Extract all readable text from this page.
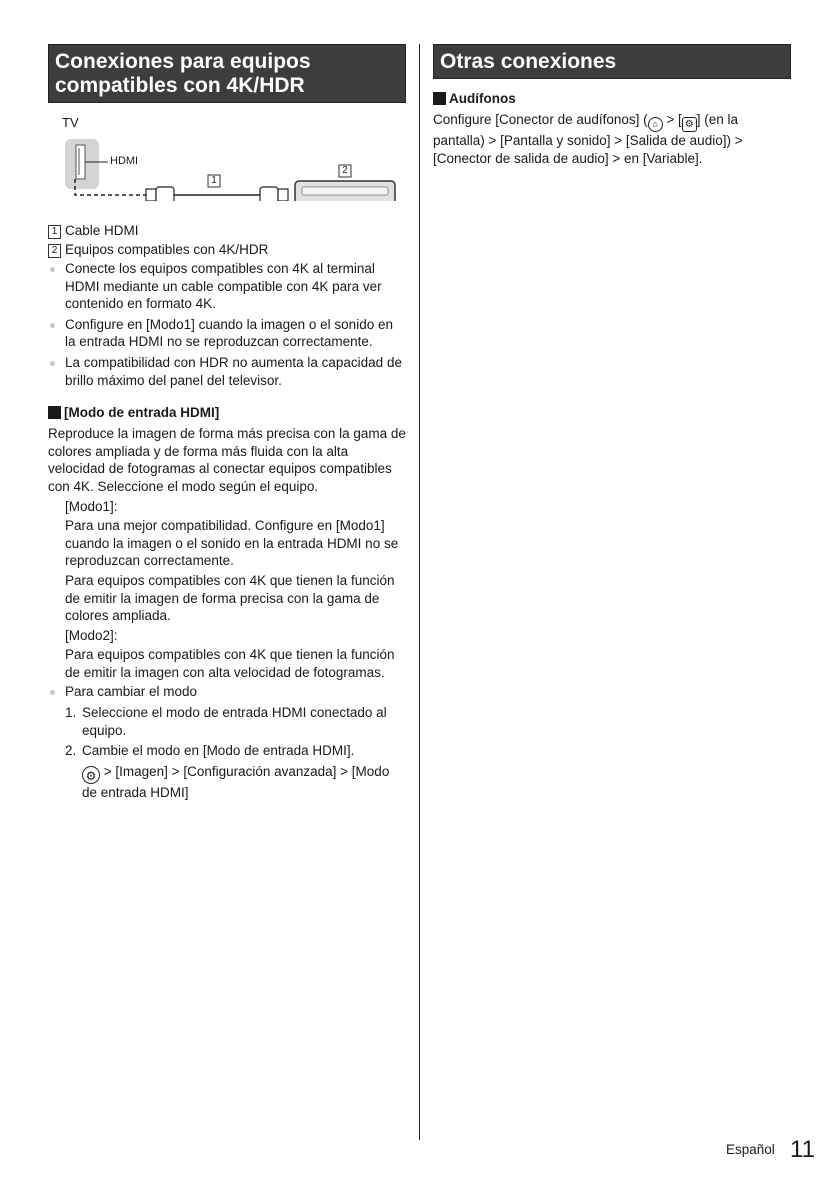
Conexiones para equipos
compatibles con 4K/HDR
TV
HDMI
1
2

1 Cable HDMI

2 Equipos compatibles con 4K/HDR

Conecte los equipos compatibles con 4K al terminal HDMI mediante un cable compatible con 4K para ver contenido en formato 4K.
Configure en [Modo1] cuando la imagen o el sonido en la entrada HDMI no se reproduzcan correctamente.
La compatibilidad con HDR no aumenta la capacidad de brillo máximo del panel del televisor.

[Modo de entrada HDMI]

Reproduce la imagen de forma más precisa con la gama de colores ampliada y de forma más fluida con la alta velocidad de fotogramas al conectar equipos compatibles con 4K. Seleccione el modo según el equipo.

[Modo1]:

Para una mejor compatibilidad. Configure en [Modo1] cuando la imagen o el sonido en la entrada HDMI no se reproduzcan correctamente.

Para equipos compatibles con 4K que tienen la función de emitir la imagen de forma precisa con la gama de colores ampliada.

[Modo2]:

Para equipos compatibles con 4K que tienen la función de emitir la imagen con alta velocidad de fotogramas.

Para cambiar el modo
1. Seleccione el modo de entrada HDMI conectado al equipo.
2. Cambie el modo en [Modo de entrada HDMI].

⚙ > [Imagen] > [Configuración avanzada] > [Modo de entrada HDMI]

Otras conexiones

Audífonos

Configure [Conector de audífonos] ( ⌂ > [ ⚙ ] (en la pantalla) > [Pantalla y sonido] > [Salida de audio]) > [Conector de salida de audio] > en [Variable].

Español 11
